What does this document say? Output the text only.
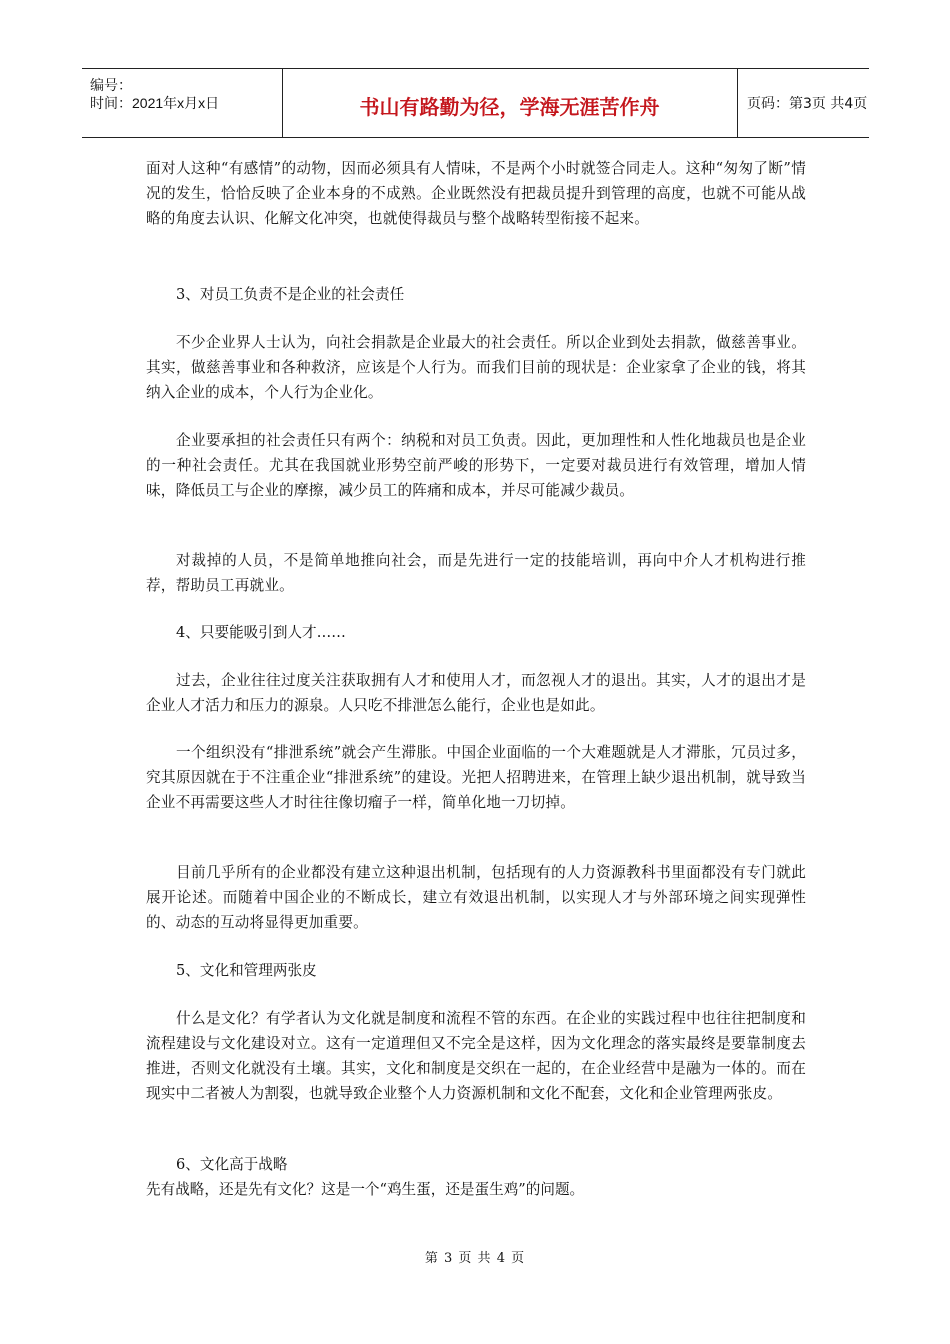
编号：
时间：2021年x月x日	书山有路勤为径，学海无涯苦作舟	页码：第3页 共4页
面对人这种“有感情”的动物，因而必须具有人情味，不是两个小时就签合同走人。这种“匆匆了断”情况的发生，恰恰反映了企业本身的不成熟。企业既然没有把裁员提升到管理的高度，也就不可能从战略的角度去认识、化解文化冲突，也就使得裁员与整个战略转型衔接不起来。
3、对员工负责不是企业的社会责任
不少企业界人士认为，向社会捐款是企业最大的社会责任。所以企业到处去捐款，做慈善事业。其实，做慈善事业和各种救济，应该是个人行为。而我们目前的现状是：企业家拿了企业的钱，将其纳入企业的成本，个人行为企业化。
企业要承担的社会责任只有两个：纳税和对员工负责。因此，更加理性和人性化地裁员也是企业的一种社会责任。尤其在我国就业形势空前严峻的形势下，一定要对裁员进行有效管理，增加人情味，降低员工与企业的摩擦，减少员工的阵痛和成本，并尽可能减少裁员。
对裁掉的人员，不是简单地推向社会，而是先进行一定的技能培训，再向中介人才机构进行推荐，帮助员工再就业。
4、只要能吸引到人才……
过去，企业往往过度关注获取拥有人才和使用人才，而忽视人才的退出。其实，人才的退出才是企业人才活力和压力的源泉。人只吃不排泄怎么能行，企业也是如此。
一个组织没有“排泄系统”就会产生滞胀。中国企业面临的一个大难题就是人才滞胀，冗员过多，究其原因就在于不注重企业“排泄系统”的建设。光把人招聘进来，在管理上缺少退出机制，就导致当企业不再需要这些人才时往往像切瘤子一样，简单化地一刀切掉。
目前几乎所有的企业都没有建立这种退出机制，包括现有的人力资源教科书里面都没有专门就此展开论述。而随着中国企业的不断成长，建立有效退出机制，以实现人才与外部环境之间实现弹性的、动态的互动将显得更加重要。
5、文化和管理两张皮
什么是文化？有学者认为文化就是制度和流程不管的东西。在企业的实践过程中也往往把制度和流程建设与文化建设对立。这有一定道理但又不完全是这样，因为文化理念的落实最终是要靠制度去推进，否则文化就没有土壤。其实，文化和制度是交织在一起的，在企业经营中是融为一体的。而在现实中二者被人为割裂，也就导致企业整个人力资源机制和文化不配套，文化和企业管理两张皮。
6、文化高于战略
先有战略，还是先有文化？这是一个“鸡生蛋，还是蛋生鸡”的问题。
第 3 页 共 4 页
